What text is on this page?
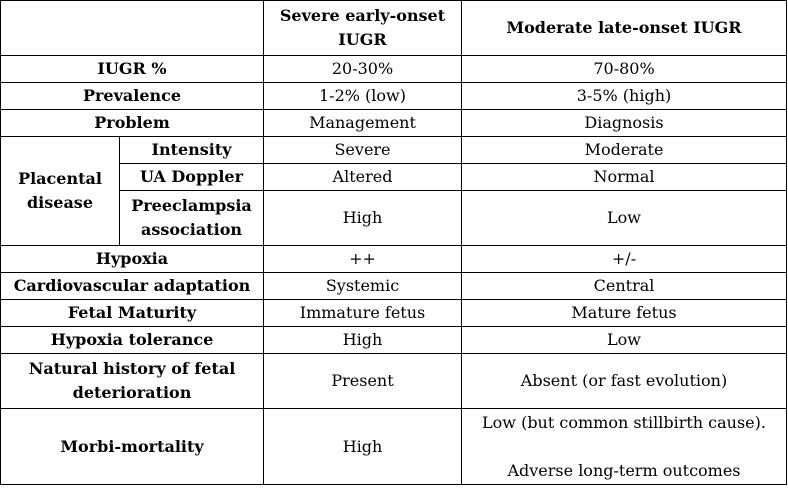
		Severe early-onset IUGR	Moderate late-onset IUGR
IUGR %		20-30%	70-80%
Prevalence		1-2% (low)	3-5% (high)
Problem		Management	Diagnosis
Placental disease	Intensity	Severe	Moderate
	UA Doppler	Altered	Normal
	Preeclampsia association	High	Low
Hypoxia		++	+/-
Cardiovascular adaptation		Systemic	Central
Fetal Maturity		Immature fetus	Mature fetus
Hypoxia tolerance		High	Low
Natural history of fetal deterioration		Present	Absent (or fast evolution)
Morbi-mortality		High	Low (but common stillbirth cause).
Adverse long-term outcomes
